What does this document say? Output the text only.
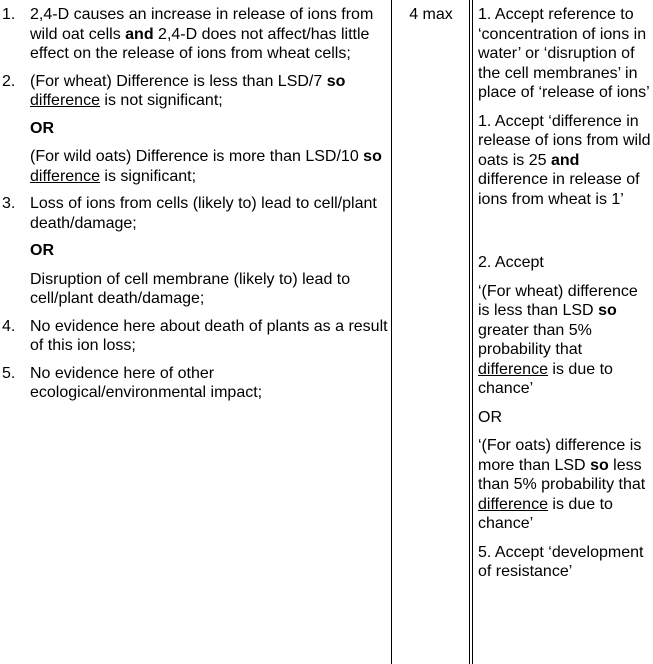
1. 2,4-D causes an increase in release of ions from wild oat cells and 2,4-D does not affect/has little effect on the release of ions from wheat cells;
2. (For wheat) Difference is less than LSD/7 so difference is not significant;
OR
(For wild oats) Difference is more than LSD/10 so difference is significant;
3. Loss of ions from cells (likely to) lead to cell/plant death/damage;
OR
Disruption of cell membrane (likely to) lead to cell/plant death/damage;
4. No evidence here about death of plants as a result of this ion loss;
5. No evidence here of other ecological/environmental impact;
4 max	1. Accept reference to ‘concentration of ions in water’ or ‘disruption of the cell membranes’ in place of ‘release of ions’
1. Accept ‘difference in release of ions from wild oats is 25 and difference in release of ions from wheat is 1’
2. Accept
‘(For wheat) difference is less than LSD so greater than 5% probability that difference is due to chance’
OR
‘(For oats) difference is more than LSD so less than 5% probability that difference is due to chance’
5. Accept ‘development of resistance’
